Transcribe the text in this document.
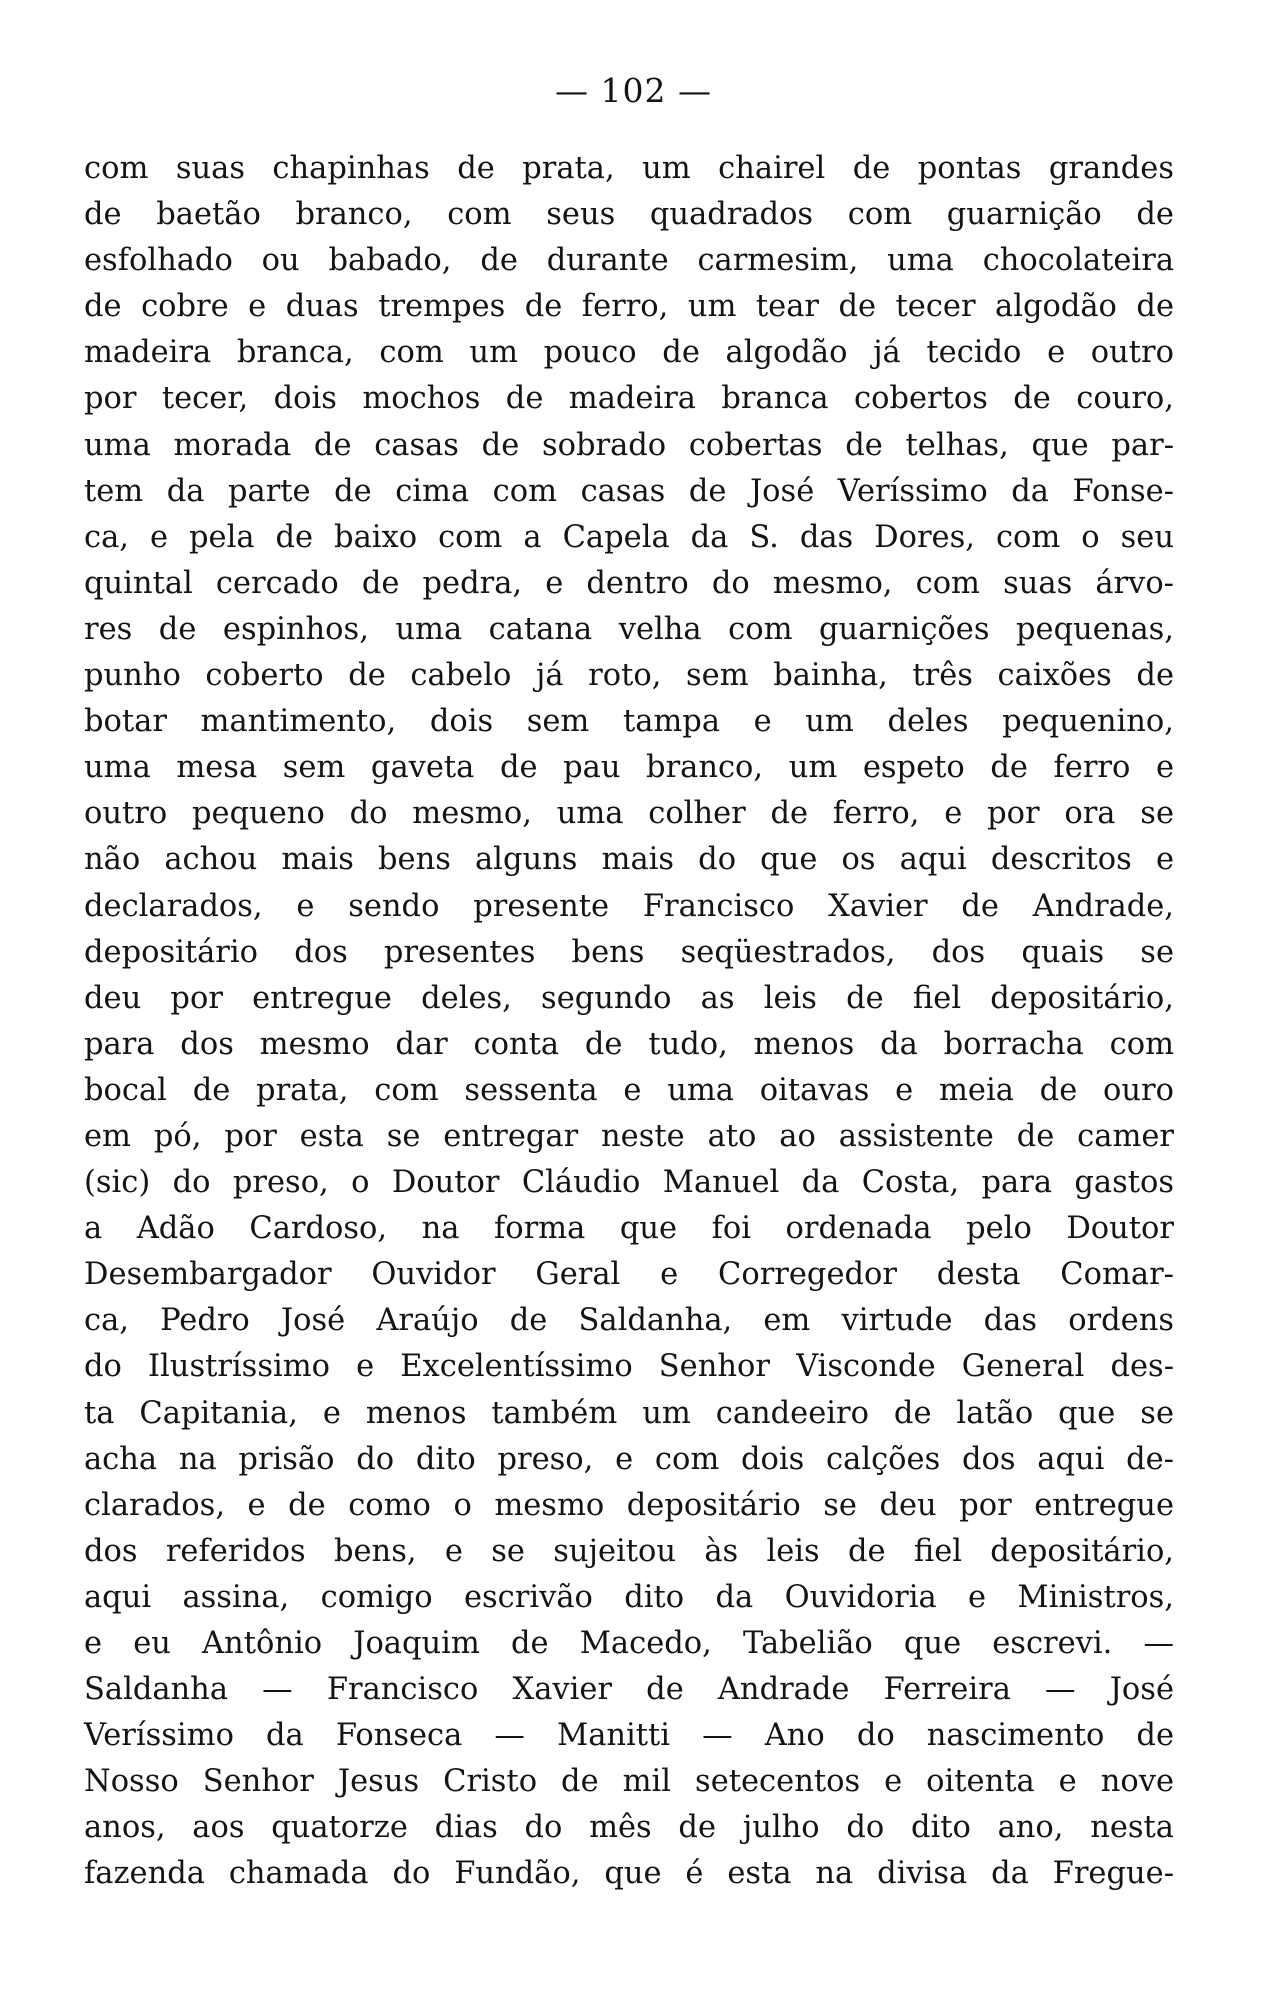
— 102 —
com suas chapinhas de prata, um chairel de pontas grandes
de baetão branco, com seus quadrados com guarnição de
esfolhado ou babado, de durante carmesim, uma chocolateira
de cobre e duas trempes de ferro, um tear de tecer algodão de
madeira branca, com um pouco de algodão já tecido e outro
por tecer, dois mochos de madeira branca cobertos de couro,
uma morada de casas de sobrado cobertas de telhas, que par-
tem da parte de cima com casas de José Veríssimo da Fonse-
ca, e pela de baixo com a Capela da S. das Dores, com o seu
quintal cercado de pedra, e dentro do mesmo, com suas árvo-
res de espinhos, uma catana velha com guarnições pequenas,
punho coberto de cabelo já roto, sem bainha, três caixões de
botar mantimento, dois sem tampa e um deles pequenino,
uma mesa sem gaveta de pau branco, um espeto de ferro e
outro pequeno do mesmo, uma colher de ferro, e por ora se
não achou mais bens alguns mais do que os aqui descritos e
declarados, e sendo presente Francisco Xavier de Andrade,
depositário dos presentes bens seqüestrados, dos quais se
deu por entregue deles, segundo as leis de fiel depositário,
para dos mesmo dar conta de tudo, menos da borracha com
bocal de prata, com sessenta e uma oitavas e meia de ouro
em pó, por esta se entregar neste ato ao assistente de camer
(sic) do preso, o Doutor Cláudio Manuel da Costa, para gastos
a Adão Cardoso, na forma que foi ordenada pelo Doutor
Desembargador Ouvidor Geral e Corregedor desta Comar-
ca, Pedro José Araújo de Saldanha, em virtude das ordens
do Ilustríssimo e Excelentíssimo Senhor Visconde General des-
ta Capitania, e menos também um candeeiro de latão que se
acha na prisão do dito preso, e com dois calções dos aqui de-
clarados, e de como o mesmo depositário se deu por entregue
dos referidos bens, e se sujeitou às leis de fiel depositário,
aqui assina, comigo escrivão dito da Ouvidoria e Ministros,
e eu Antônio Joaquim de Macedo, Tabelião que escrevi. —
Saldanha — Francisco Xavier de Andrade Ferreira — José
Veríssimo da Fonseca — Manitti — Ano do nascimento de
Nosso Senhor Jesus Cristo de mil setecentos e oitenta e nove
anos, aos quatorze dias do mês de julho do dito ano, nesta
fazenda chamada do Fundão, que é esta na divisa da Fregue-
